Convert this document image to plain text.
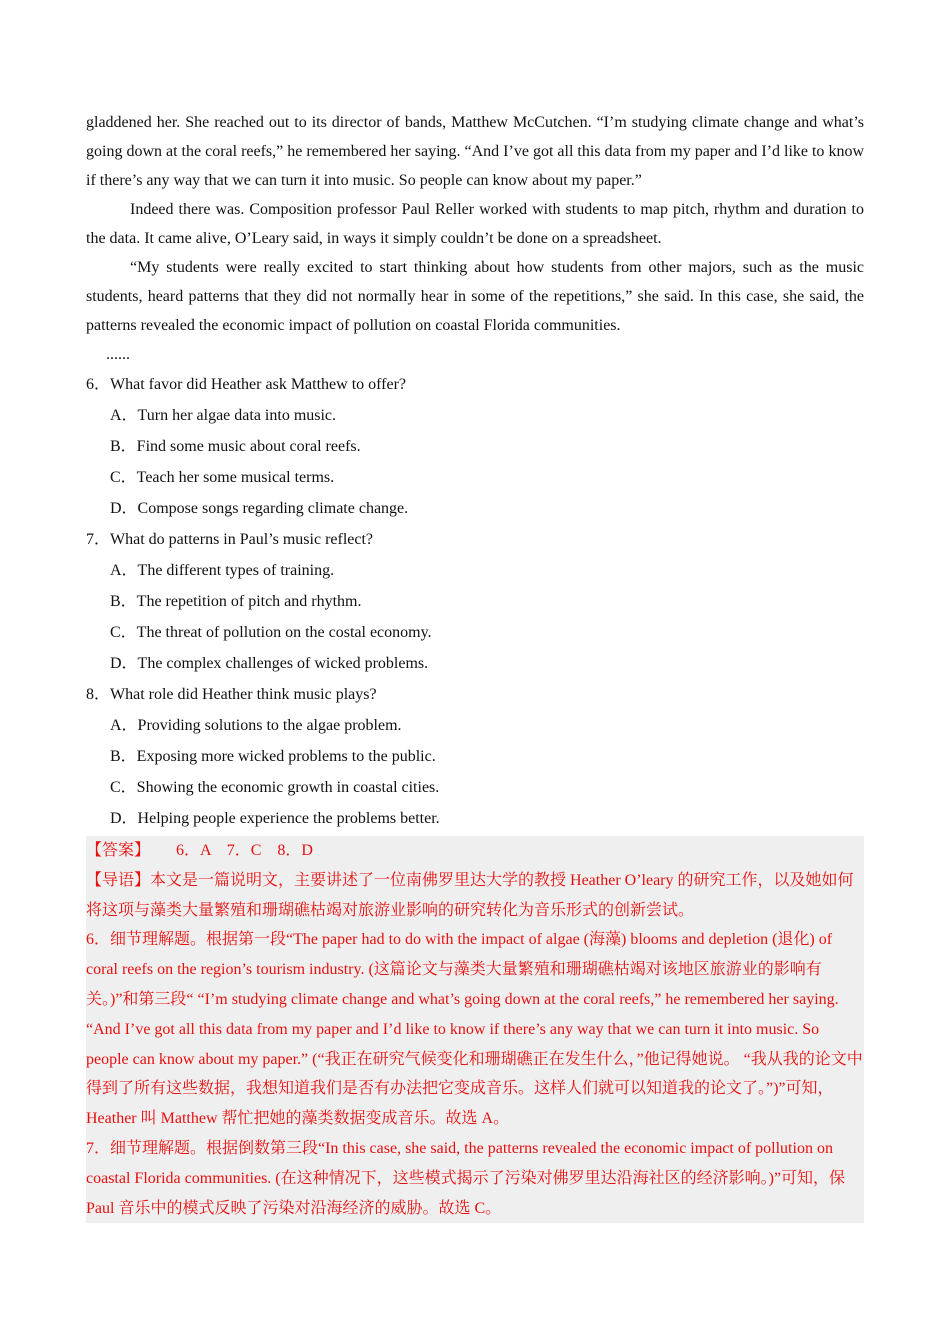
gladdened her. She reached out to its director of bands, Matthew McCutchen. “I’m studying climate change and what’s going down at the coral reefs,” he remembered her saying. “And I’ve got all this data from my paper and I’d like to know if there’s any way that we can turn it into music. So people can know about my paper.”

Indeed there was. Composition professor Paul Reller worked with students to map pitch, rhythm and duration to the data. It came alive, O’Leary said, in ways it simply couldn’t be done on a spreadsheet.

“My students were really excited to start thinking about how students from other majors, such as the music students, heard patterns that they did not normally hear in some of the repetitions,” she said. In this case, she said, the patterns revealed the economic impact of pollution on coastal Florida communities.

......

6．What favor did Heather ask Matthew to offer?

A．Turn her algae data into music.

B．Find some music about coral reefs.

C．Teach her some musical terms.

D．Compose songs regarding climate change.

7．What do patterns in Paul’s music reflect?

A．The different types of training.

B．The repetition of pitch and rhythm.

C．The threat of pollution on the costal economy.

D．The complex challenges of wicked problems.

8．What role did Heather think music plays?

A．Providing solutions to the algae problem.

B．Exposing more wicked problems to the public.

C．Showing the economic growth in coastal cities.

D．Helping people experience the problems better.

【答案】 6．A　7．C　8．D

【导语】本文是一篇说明文，主要讲述了一位南佛罗里达大学的教授 Heather O’leary 的研究工作，以及她如何将这项与藻类大量繁殖和珊瑚礁枯竭对旅游业影响的研究转化为音乐形式的创新尝试。

6．细节理解题。根据第一段“The paper had to do with the impact of algae (海藻) blooms and depletion (退化) of coral reefs on the region’s tourism industry. (这篇论文与藻类大量繁殖和珊瑚礁枯竭对该地区旅游业的影响有关。)”和第三段“ “I’m studying climate change and what’s going down at the coral reefs,” he remembered her saying. “And I’ve got all this data from my paper and I’d like to know if there’s any way that we can turn it into music. So people can know about my paper.” (“我正在研究气候变化和珊瑚礁正在发生什么，”他记得她说。 “我从我的论文中得到了所有这些数据，我想知道我们是否有办法把它变成音乐。这样人们就可以知道我的论文了。”)”可知，Heather 叫 Matthew 帮忙把她的藻类数据变成音乐。故选 A。

7．细节理解题。根据倒数第三段“In this case, she said, the patterns revealed the economic impact of pollution on coastal Florida communities. (在这种情况下，这些模式揭示了污染对佛罗里达沿海社区的经济影响。)”可知，保 Paul 音乐中的模式反映了污染对沿海经济的威胁。故选 C。
